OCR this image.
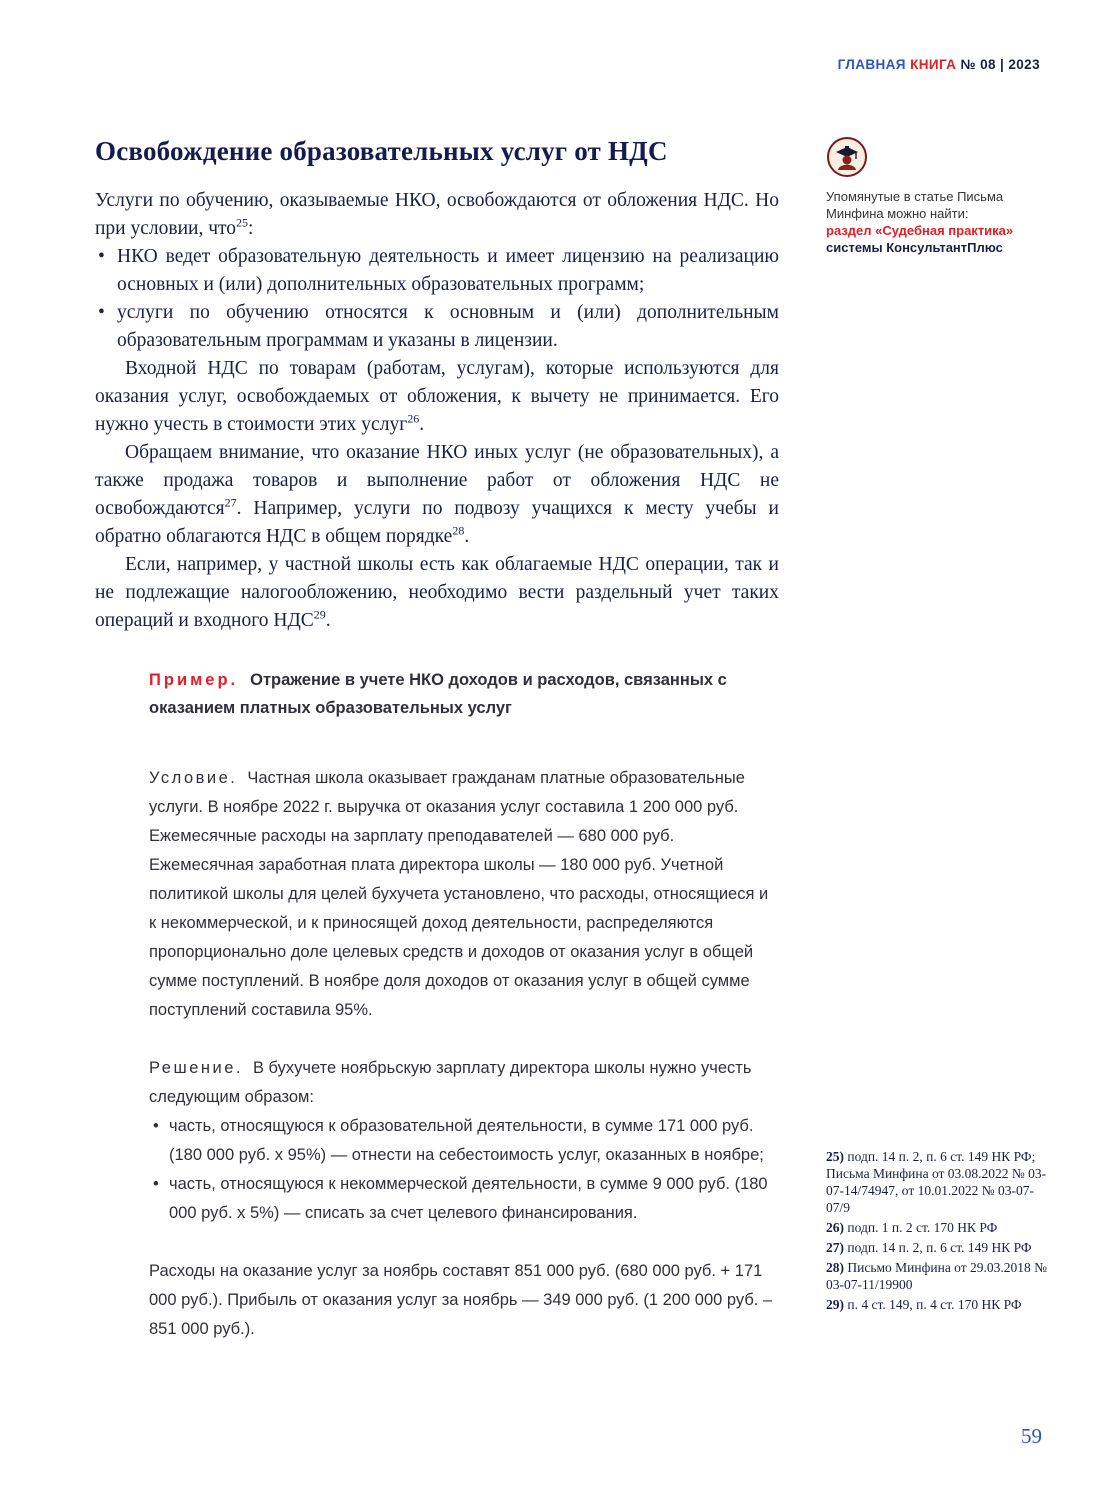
ГЛАВНАЯ КНИГА № 08 | 2023
Освобождение образовательных услуг от НДС

Услуги по обучению, оказываемые НКО, освобождаются от обложения НДС. Но при условии, что$^{25}$:

• НКО ведет образовательную деятельность и имеет лицензию на реализацию основных и (или) дополнительных образовательных программ;
• услуги по обучению относятся к основным и (или) дополнительным образовательным программам и указаны в лицензии.

Входной НДС по товарам (работам, услугам), которые используются для оказания услуг, освобождаемых от обложения, к вычету не принимается. Его нужно учесть в стоимости этих услуг$^{26}$.

Обращаем внимание, что оказание НКО иных услуг (не образовательных), а также продажа товаров и выполнение работ от обложения НДС не освобождаются$^{27}$. Например, услуги по подвозу учащихся к месту учебы и обратно облагаются НДС в общем порядке$^{28}$.

Если, например, у частной школы есть как облагаемые НДС операции, так и не подлежащие налогообложению, необходимо вести раздельный учет таких операций и входного НДС$^{29}$.

Пример. Отражение в учете НКО доходов и расходов, связанных с оказанием платных образовательных услуг

Условие. Частная школа оказывает гражданам платные образовательные услуги. В ноябре 2022 г. выручка от оказания услуг составила 1 200 000 руб. Ежемесячные расходы на зарплату преподавателей — 680 000 руб. Ежемесячная заработная плата директора школы — 180 000 руб. Учетной политикой школы для целей бухучета установлено, что расходы, относящиеся и к некоммерческой, и к приносящей доход деятельности, распределяются пропорционально доле целевых средств и доходов от оказания услуг в общей сумме поступлений. В ноябре доля доходов от оказания услуг в общей сумме поступлений составила 95%.

Решение. В бухучете ноябрьскую зарплату директора школы нужно учесть следующим образом:

• часть, относящуюся к образовательной деятельности, в сумме 171 000 руб. (180 000 руб. x 95%) — отнести на себестоимость услуг, оказанных в ноябре;
• часть, относящуюся к некоммерческой деятельности, в сумме 9 000 руб. (180 000 руб. x 5%) — списать за счет целевого финансирования.

Расходы на оказание услуг за ноябрь составят 851 000 руб. (680 000 руб. + 171 000 руб.). Прибыль от оказания услуг за ноябрь — 349 000 руб. (1 200 000 руб. – 851 000 руб.).

Упомянутые в статье Письма Минфина можно найти:

раздел «Судебная практика»

системы КонсультантПлюс

25) подп. 14 п. 2, п. 6 ст. 149 НК РФ; Письма Минфина от 03.08.2022 № 03-07-14/74947, от 10.01.2022 № 03-07-07/9

26) подп. 1 п. 2 ст. 170 НК РФ

27) подп. 14 п. 2, п. 6 ст. 149 НК РФ

28) Письмо Минфина от 29.03.2018 № 03-07-11/19900

29) п. 4 ст. 149, п. 4 ст. 170 НК РФ

59
